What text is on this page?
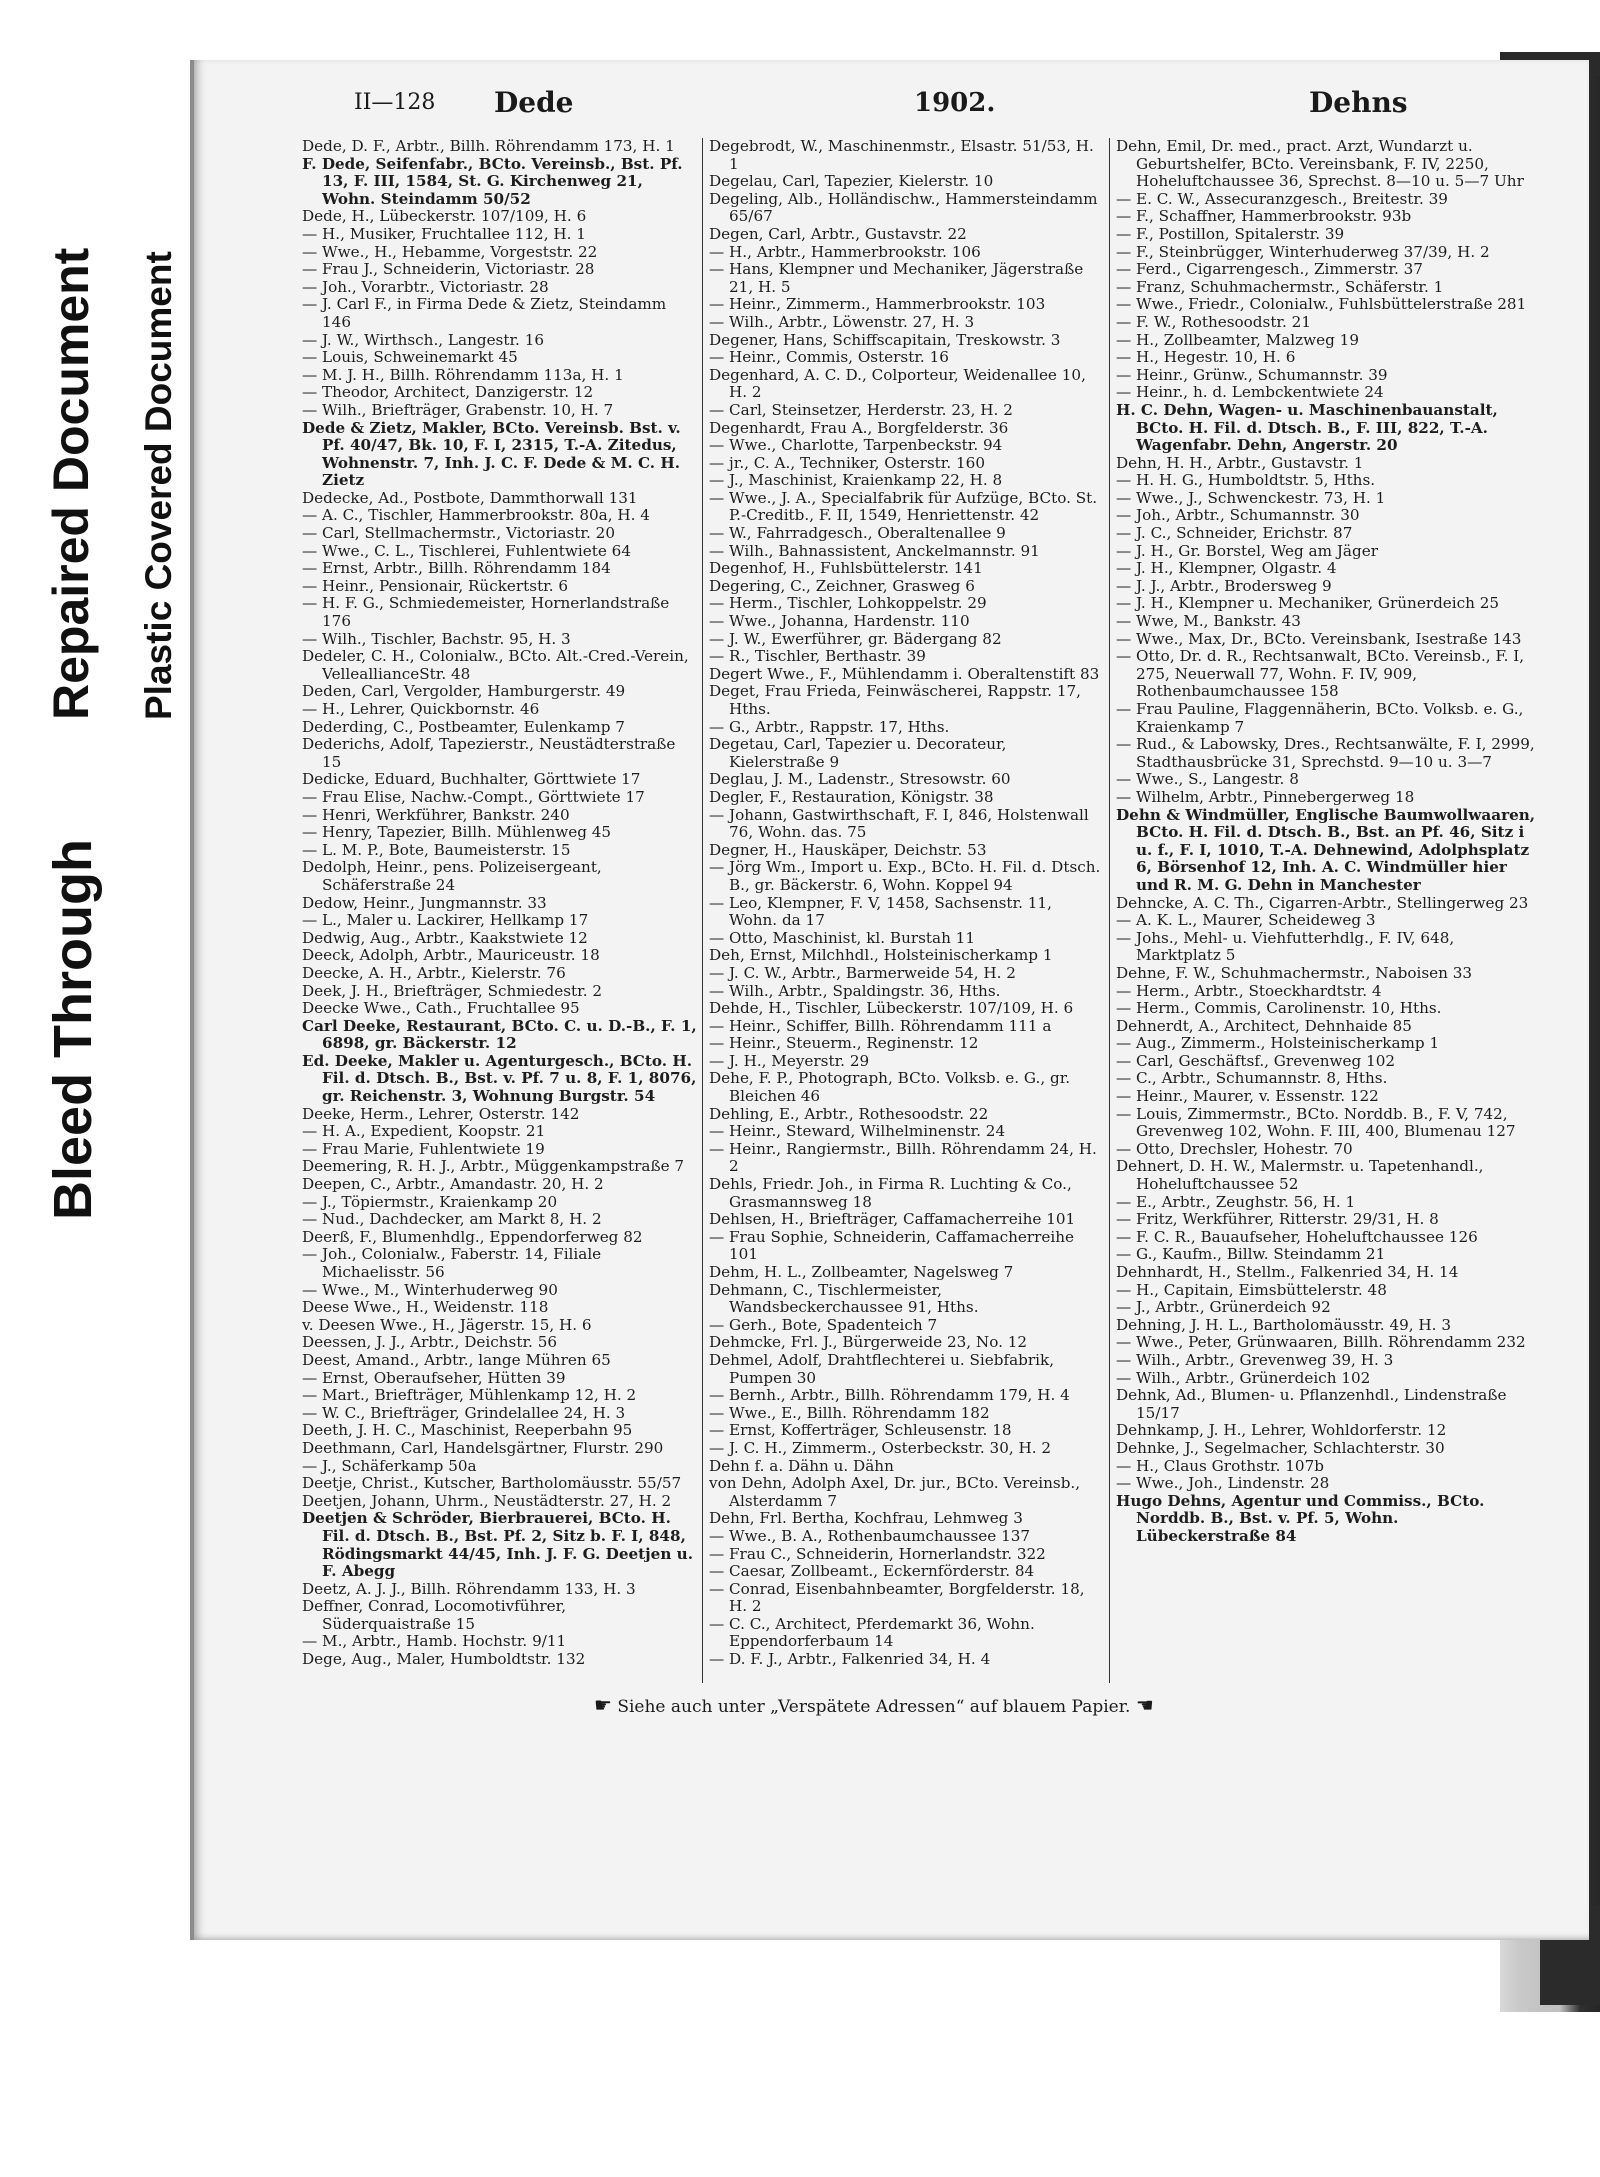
Bleed Through
Repaired Document Plastic Covered Document
II—128 Dede	1902.	Dehns

Dede, D. F., Arbtr., Billh. Röhrendamm 173, H. 1

F. Dede, Seifenfabr., BCto. Vereinsb., Bst. Pf. 13, F. III, 1584, St. G. Kirchenweg 21, Wohn. Steindamm 50/52

Dede, H., Lübeckerstr. 107/109, H. 6

— H., Musiker, Fruchtallee 112, H. 1

— Wwe., H., Hebamme, Vorgeststr. 22

— Frau J., Schneiderin, Victoriastr. 28

— Joh., Vorarbtr., Victoriastr. 28

— J. Carl F., in Firma Dede & Zietz, Steindamm 146

— J. W., Wirthsch., Langestr. 16

— Louis, Schweinemarkt 45

— M. J. H., Billh. Röhrendamm 113a, H. 1

— Theodor, Architect, Danzigerstr. 12

— Wilh., Briefträger, Grabenstr. 10, H. 7

Dede & Zietz, Makler, BCto. Vereinsb. Bst. v. Pf. 40/47, Bk. 10, F. I, 2315, T.-A. Zitedus, Wohnenstr. 7, Inh. J. C. F. Dede & M. C. H. Zietz

Dedecke, Ad., Postbote, Dammthorwall 131

— A. C., Tischler, Hammerbrookstr. 80a, H. 4

— Carl, Stellmachermstr., Victoriastr. 20

— Wwe., C. L., Tischlerei, Fuhlentwiete 64

— Ernst, Arbtr., Billh. Röhrendamm 184

— Heinr., Pensionair, Rückertstr. 6

— H. F. G., Schmiedemeister, Hornerlandstraße 176

— Wilh., Tischler, Bachstr. 95, H. 3

Dedeler, C. H., Colonialw., BCto. Alt.-Cred.-Verein, VelleallianceStr. 48

Deden, Carl, Vergolder, Hamburgerstr. 49

— H., Lehrer, Quickbornstr. 46

Dederding, C., Postbeamter, Eulenkamp 7

Dederichs, Adolf, Tapezierstr., Neustädterstraße 15

Dedicke, Eduard, Buchhalter, Görttwiete 17

— Frau Elise, Nachw.-Compt., Görttwiete 17

— Henri, Werkführer, Bankstr. 240

— Henry, Tapezier, Billh. Mühlenweg 45

— L. M. P., Bote, Baumeisterstr. 15

Dedolph, Heinr., pens. Polizeisergeant, Schäferstraße 24

Dedow, Heinr., Jungmannstr. 33

— L., Maler u. Lackirer, Hellkamp 17

Dedwig, Aug., Arbtr., Kaakstwiete 12

Deeck, Adolph, Arbtr., Mauriceustr. 18

Deecke, A. H., Arbtr., Kielerstr. 76

Deek, J. H., Briefträger, Schmiedestr. 2

Deecke Wwe., Cath., Fruchtallee 95

Carl Deeke, Restaurant, BCto. C. u. D.-B., F. 1, 6898, gr. Bäckerstr. 12

Ed. Deeke, Makler u. Agenturgesch., BCto. H. Fil. d. Dtsch. B., Bst. v. Pf. 7 u. 8, F. 1, 8076, gr. Reichenstr. 3, Wohnung Burgstr. 54

Deeke, Herm., Lehrer, Osterstr. 142

— H. A., Expedient, Koopstr. 21

— Frau Marie, Fuhlentwiete 19

Deemering, R. H. J., Arbtr., Müggenkampstraße 7

Deepen, C., Arbtr., Amandastr. 20, H. 2

— J., Töpiermstr., Kraienkamp 20

— Nud., Dachdecker, am Markt 8, H. 2

Deerß, F., Blumenhdlg., Eppendorferweg 82

— Joh., Colonialw., Faberstr. 14, Filiale Michaelisstr. 56

— Wwe., M., Winterhuderweg 90

Deese Wwe., H., Weidenstr. 118

v. Deesen Wwe., H., Jägerstr. 15, H. 6

Deessen, J. J., Arbtr., Deichstr. 56

Deest, Amand., Arbtr., lange Mühren 65

— Ernst, Oberaufseher, Hütten 39

— Mart., Briefträger, Mühlenkamp 12, H. 2

— W. C., Briefträger, Grindelallee 24, H. 3

Deeth, J. H. C., Maschinist, Reeperbahn 95

Deethmann, Carl, Handelsgärtner, Flurstr. 290

— J., Schäferkamp 50a

Deetje, Christ., Kutscher, Bartholomäusstr. 55/57

Deetjen, Johann, Uhrm., Neustädterstr. 27, H. 2

Deetjen & Schröder, Bierbrauerei, BCto. H. Fil. d. Dtsch. B., Bst. Pf. 2, Sitz b. F. I, 848, Rödingsmarkt 44/45, Inh. J. F. G. Deetjen u. F. Abegg

Deetz, A. J. J., Billh. Röhrendamm 133, H. 3

Deffner, Conrad, Locomotivführer, Süderquaistraße 15

— M., Arbtr., Hamb. Hochstr. 9/11

Dege, Aug., Maler, Humboldtstr. 132

Degebrodt, W., Maschinenmstr., Elsastr. 51/53, H. 1

Degelau, Carl, Tapezier, Kielerstr. 10

Degeling, Alb., Holländischw., Hammersteindamm 65/67

Degen, Carl, Arbtr., Gustavstr. 22

— H., Arbtr., Hammerbrookstr. 106

— Hans, Klempner und Mechaniker, Jägerstraße 21, H. 5

— Heinr., Zimmerm., Hammerbrookstr. 103

— Wilh., Arbtr., Löwenstr. 27, H. 3

Degener, Hans, Schiffscapitain, Treskowstr. 3

— Heinr., Commis, Osterstr. 16

Degenhard, A. C. D., Colporteur, Weidenallee 10, H. 2

— Carl, Steinsetzer, Herderstr. 23, H. 2

Degenhardt, Frau A., Borgfelderstr. 36

— Wwe., Charlotte, Tarpenbeckstr. 94

— jr., C. A., Techniker, Osterstr. 160

— J., Maschinist, Kraienkamp 22, H. 8

— Wwe., J. A., Specialfabrik für Aufzüge, BCto. St. P.-Creditb., F. II, 1549, Henriettenstr. 42

— W., Fahrradgesch., Oberaltenallee 9

— Wilh., Bahnassistent, Anckelmannstr. 91

Degenhof, H., Fuhlsbüttelerstr. 141

Degering, C., Zeichner, Grasweg 6

— Herm., Tischler, Lohkoppelstr. 29

— Wwe., Johanna, Hardenstr. 110

— J. W., Ewerführer, gr. Bädergang 82

— R., Tischler, Berthastr. 39

Degert Wwe., F., Mühlendamm i. Oberaltenstift 83

Deget, Frau Frieda, Feinwäscherei, Rappstr. 17, Hths.

— G., Arbtr., Rappstr. 17, Hths.

Degetau, Carl, Tapezier u. Decorateur, Kielerstraße 9

Deglau, J. M., Ladenstr., Stresowstr. 60

Degler, F., Restauration, Königstr. 38

— Johann, Gastwirthschaft, F. I, 846, Holstenwall 76, Wohn. das. 75

Degner, H., Hauskäper, Deichstr. 53

— Jörg Wm., Import u. Exp., BCto. H. Fil. d. Dtsch. B., gr. Bäckerstr. 6, Wohn. Koppel 94

— Leo, Klempner, F. V, 1458, Sachsenstr. 11, Wohn. da 17

— Otto, Maschinist, kl. Burstah 11

Deh, Ernst, Milchhdl., Holsteinischerkamp 1

— J. C. W., Arbtr., Barmerweide 54, H. 2

— Wilh., Arbtr., Spaldingstr. 36, Hths.

Dehde, H., Tischler, Lübeckerstr. 107/109, H. 6

— Heinr., Schiffer, Billh. Röhrendamm 111 a

— Heinr., Steuerm., Reginenstr. 12

— J. H., Meyerstr. 29

Dehe, F. P., Photograph, BCto. Volksb. e. G., gr. Bleichen 46

Dehling, E., Arbtr., Rothesoodstr. 22

— Heinr., Steward, Wilhelminenstr. 24

— Heinr., Rangiermstr., Billh. Röhrendamm 24, H. 2

Dehls, Friedr. Joh., in Firma R. Luchting & Co., Grasmannsweg 18

Dehlsen, H., Briefträger, Caffamacherreihe 101

— Frau Sophie, Schneiderin, Caffamacherreihe 101

Dehm, H. L., Zollbeamter, Nagelsweg 7

Dehmann, C., Tischlermeister, Wandsbeckerchaussee 91, Hths.

— Gerh., Bote, Spadenteich 7

Dehmcke, Frl. J., Bürgerweide 23, No. 12

Dehmel, Adolf, Drahtflechterei u. Siebfabrik, Pumpen 30

— Bernh., Arbtr., Billh. Röhrendamm 179, H. 4

— Wwe., E., Billh. Röhrendamm 182

— Ernst, Kofferträger, Schleusenstr. 18

— J. C. H., Zimmerm., Osterbeckstr. 30, H. 2

Dehn f. a. Dähn u. Dähn

von Dehn, Adolph Axel, Dr. jur., BCto. Vereinsb., Alsterdamm 7

Dehn, Frl. Bertha, Kochfrau, Lehmweg 3

— Wwe., B. A., Rothenbaumchaussee 137

— Frau C., Schneiderin, Hornerlandstr. 322

— Caesar, Zollbeamt., Eckernförderstr. 84

— Conrad, Eisenbahnbeamter, Borgfelderstr. 18, H. 2

— C. C., Architect, Pferdemarkt 36, Wohn. Eppendorferbaum 14

— D. F. J., Arbtr., Falkenried 34, H. 4

Dehn, Emil, Dr. med., pract. Arzt, Wundarzt u. Geburtshelfer, BCto. Vereinsbank, F. IV, 2250, Hoheluftchaussee 36, Sprechst. 8—10 u. 5—7 Uhr

— E. C. W., Assecuranzgesch., Breitestr. 39

— F., Schaffner, Hammerbrookstr. 93b

— F., Postillon, Spitalerstr. 39

— F., Steinbrügger, Winterhuderweg 37/39, H. 2

— Ferd., Cigarrengesch., Zimmerstr. 37

— Franz, Schuhmachermstr., Schäferstr. 1

— Wwe., Friedr., Colonialw., Fuhlsbüttelerstraße 281

— F. W., Rothesoodstr. 21

— H., Zollbeamter, Malzweg 19

— H., Hegestr. 10, H. 6

— Heinr., Grünw., Schumannstr. 39

— Heinr., h. d. Lembckentwiete 24

H. C. Dehn, Wagen- u. Maschinenbauanstalt, BCto. H. Fil. d. Dtsch. B., F. III, 822, T.-A. Wagenfabr. Dehn, Angerstr. 20

Dehn, H. H., Arbtr., Gustavstr. 1

— H. H. G., Humboldtstr. 5, Hths.

— Wwe., J., Schwenckestr. 73, H. 1

— Joh., Arbtr., Schumannstr. 30

— J. C., Schneider, Erichstr. 87

— J. H., Gr. Borstel, Weg am Jäger

— J. H., Klempner, Olgastr. 4

— J. J., Arbtr., Brodersweg 9

— J. H., Klempner u. Mechaniker, Grünerdeich 25

— Wwe, M., Bankstr. 43

— Wwe., Max, Dr., BCto. Vereinsbank, Isestraße 143

— Otto, Dr. d. R., Rechtsanwalt, BCto. Vereinsb., F. I, 275, Neuerwall 77, Wohn. F. IV, 909, Rothenbaumchaussee 158

— Frau Pauline, Flaggennäherin, BCto. Volksb. e. G., Kraienkamp 7

— Rud., & Labowsky, Dres., Rechtsanwälte, F. I, 2999, Stadthausbrücke 31, Sprechstd. 9—10 u. 3—7

— Wwe., S., Langestr. 8

— Wilhelm, Arbtr., Pinnebergerweg 18

Dehn & Windmüller, Englische Baumwollwaaren, BCto. H. Fil. d. Dtsch. B., Bst. an Pf. 46, Sitz i u. f., F. I, 1010, T.-A. Dehnewind, Adolphsplatz 6, Börsenhof 12, Inh. A. C. Windmüller hier und R. M. G. Dehn in Manchester

Dehncke, A. C. Th., Cigarren-Arbtr., Stellingerweg 23

— A. K. L., Maurer, Scheideweg 3

— Johs., Mehl- u. Viehfutterhdlg., F. IV, 648, Marktplatz 5

Dehne, F. W., Schuhmachermstr., Naboisen 33

— Herm., Arbtr., Stoeckhardtstr. 4

— Herm., Commis, Carolinenstr. 10, Hths.

Dehnerdt, A., Architect, Dehnhaide 85

— Aug., Zimmerm., Holsteinischerkamp 1

— Carl, Geschäftsf., Grevenweg 102

— C., Arbtr., Schumannstr. 8, Hths.

— Heinr., Maurer, v. Essenstr. 122

— Louis, Zimmermstr., BCto. Norddb. B., F. V, 742, Grevenweg 102, Wohn. F. III, 400, Blumenau 127

— Otto, Drechsler, Hohestr. 70

Dehnert, D. H. W., Malermstr. u. Tapetenhandl., Hoheluftchaussee 52

— E., Arbtr., Zeughstr. 56, H. 1

— Fritz, Werkführer, Ritterstr. 29/31, H. 8

— F. C. R., Bauaufseher, Hoheluftchaussee 126

— G., Kaufm., Billw. Steindamm 21

Dehnhardt, H., Stellm., Falkenried 34, H. 14

— H., Capitain, Eimsbüttelerstr. 48

— J., Arbtr., Grünerdeich 92

Dehning, J. H. L., Bartholomäusstr. 49, H. 3

— Wwe., Peter, Grünwaaren, Billh. Röhrendamm 232

— Wilh., Arbtr., Grevenweg 39, H. 3

— Wilh., Arbtr., Grünerdeich 102

Dehnk, Ad., Blumen- u. Pflanzenhdl., Lindenstraße 15/17

Dehnkamp, J. H., Lehrer, Wohldorferstr. 12

Dehnke, J., Segelmacher, Schlachterstr. 30

— H., Claus Grothstr. 107b

— Wwe., Joh., Lindenstr. 28

Hugo Dehns, Agentur und Commiss., BCto. Norddb. B., Bst. v. Pf. 5, Wohn. Lübeckerstraße 84

☛ Siehe auch unter „Verspätete Adressen“ auf blauem Papier. ☚
